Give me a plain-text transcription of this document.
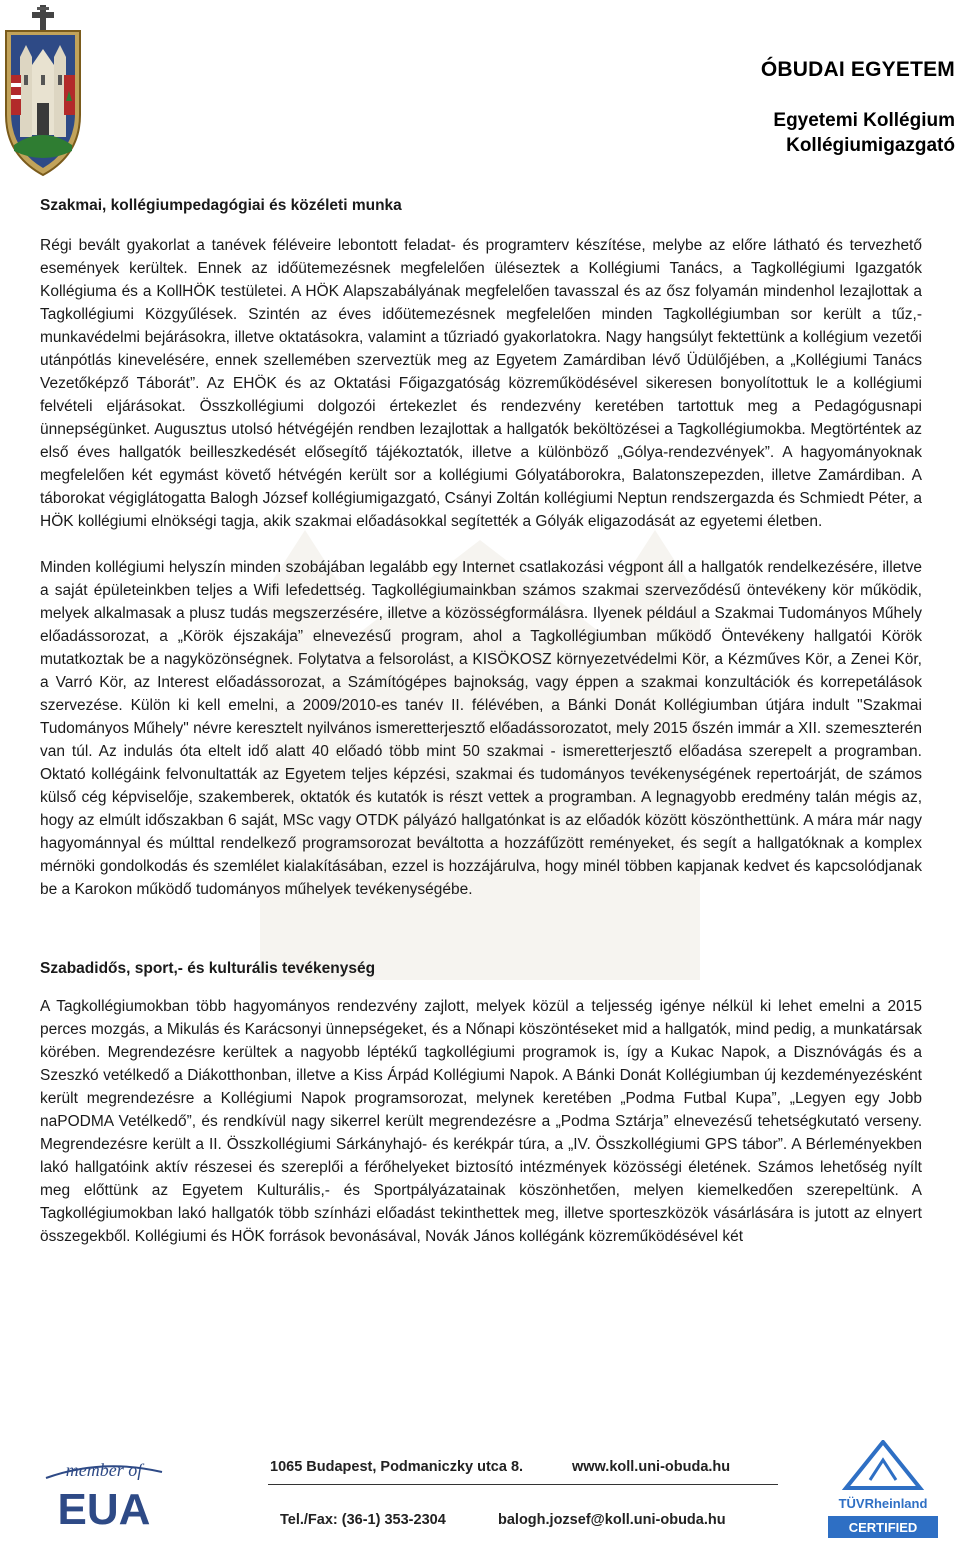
ÓBUDAI EGYETEM
Egyetemi Kollégium
Kollégiumigazgató
Szakmai, kollégiumpedagógiai és közéleti munka

Régi bevált gyakorlat a tanévek féléveire lebontott feladat- és programterv készítése, melybe az előre látható és tervezhető események kerültek. Ennek az időütemezésnek megfelelően üléseztek a Kollégiumi Tanács, a Tagkollégiumi Igazgatók Kollégiuma és a KollHÖK testületei. A HÖK Alapszabályának megfelelően tavasszal és az ősz folyamán mindenhol lezajlottak a Tagkollégiumi Közgyűlések. Szintén az éves időütemezésnek megfelelően minden Tagkollégiumban sor került a tűz,- munkavédelmi bejárásokra, illetve oktatásokra, valamint a tűzriadó gyakorlatokra. Nagy hangsúlyt fektettünk a kollégium vezetői utánpótlás kinevelésére, ennek szellemében szerveztük meg az Egyetem Zamárdiban lévő Üdülőjében, a „Kollégiumi Tanács Vezetőképző Táborát”. Az EHÖK és az Oktatási Főigazgatóság közreműködésével sikeresen bonyolítottuk le a kollégiumi felvételi eljárásokat. Összkollégiumi dolgozói értekezlet és rendezvény keretében tartottuk meg a Pedagógusnapi ünnepségünket. Augusztus utolsó hétvégéjén rendben lezajlottak a hallgatók beköltözései a Tagkollégiumokba. Megtörténtek az első éves hallgatók beilleszkedését elősegítő tájékoztatók, illetve a különböző „Gólya-rendezvények”. A hagyományoknak megfelelően két egymást követő hétvégén került sor a kollégiumi Gólyatáborokra, Balatonszepezden, illetve Zamárdiban. A táborokat végiglátogatta Balogh József kollégiumigazgató, Csányi Zoltán kollégiumi Neptun rendszergazda és Schmiedt Péter, a HÖK kollégiumi elnökségi tagja, akik szakmai előadásokkal segítették a Gólyák eligazodását az egyetemi életben.

Minden kollégiumi helyszín minden szobájában legalább egy Internet csatlakozási végpont áll a hallgatók rendelkezésére, illetve a saját épületeinkben teljes a Wifi lefedettség. Tagkollégiumainkban számos szakmai szerveződésű öntevékeny kör működik, melyek alkalmasak a plusz tudás megszerzésére, illetve a közösségformálásra. Ilyenek például a Szakmai Tudományos Műhely előadássorozat, a „Körök éjszakája” elnevezésű program, ahol a Tagkollégiumban működő Öntevékeny hallgatói Körök mutatkoztak be a nagyközönségnek. Folytatva a felsorolást, a KISÖKOSZ környezetvédelmi Kör, a Kézműves Kör, a Zenei Kör, a Varró Kör, az Interest előadássorozat, a Számítógépes bajnokság, vagy éppen a szakmai konzultációk és korrepetálások szervezése. Külön ki kell emelni, a 2009/2010-es tanév II. félévében, a Bánki Donát Kollégiumban útjára indult "Szakmai Tudományos Műhely" névre keresztelt nyilvános ismeretterjesztő előadássorozatot, mely 2015 őszén immár a XII. szemeszterén van túl. Az indulás óta eltelt idő alatt 40 előadó több mint 50 szakmai - ismeretterjesztő előadása szerepelt a programban. Oktató kollégáink felvonultatták az Egyetem teljes képzési, szakmai és tudományos tevékenységének repertoárját, de számos külső cég képviselője, szakemberek, oktatók és kutatók is részt vettek a programban. A legnagyobb eredmény talán mégis az, hogy az elmúlt időszakban 6 saját, MSc vagy OTDK pályázó hallgatónkat is az előadók között köszönthettünk. A mára már nagy hagyománnyal és múlttal rendelkező programsorozat beváltotta a hozzáfűzött reményeket, és segít a hallgatóknak a komplex mérnöki gondolkodás és szemlélet kialakításában, ezzel is hozzájárulva, hogy minél többen kapjanak kedvet és kapcsolódjanak be a Karokon működő tudományos műhelyek tevékenységébe.

Szabadidős, sport,- és kulturális tevékenység

A Tagkollégiumokban több hagyományos rendezvény zajlott, melyek közül a teljesség igénye nélkül ki lehet emelni a 2015 perces mozgás, a Mikulás és Karácsonyi ünnepségeket, és a Nőnapi köszöntéseket mid a hallgatók, mind pedig, a munkatársak körében. Megrendezésre kerültek a nagyobb léptékű tagkollégiumi programok is, így a Kukac Napok, a Disznóvágás és a Szeszkó vetélkedő a Diákotthonban, illetve a Kiss Árpád Kollégiumi Napok. A Bánki Donát Kollégiumban új kezdeményezésként került megrendezésre a Kollégiumi Napok programsorozat, melynek keretében „Podma Futbal Kupa”, „Legyen egy Jobb naPODMA Vetélkedő”, és rendkívül nagy sikerrel került megrendezésre a „Podma Sztárja” elnevezésű tehetségkutató verseny. Megrendezésre került a II. Összkollégiumi Sárkányhajó- és kerékpár túra, a „IV. Összkollégiumi GPS tábor”. A Bérleményekben lakó hallgatóink aktív részesei és szereplői a férőhelyeket biztosító intézmények közösségi életének. Számos lehetőség nyílt meg előttünk az Egyetem Kulturális,- és Sportpályázatainak köszönhetően, melyen kiemelkedően szerepeltünk. A Tagkollégiumokban lakó hallgatók több színházi előadást tekinthettek meg, illetve sporteszközök vásárlására is jutott az elnyert összegekből. Kollégiumi és HÖK források bevonásával, Novák János kollégánk közreműködésével két

member of
EUA
1065 Budapest, Podmaniczky utca 8.	www.koll.uni-obuda.hu
Tel./Fax: (36-1) 353-2304	balogh.jozsef@koll.uni-obuda.hu
TÜVRheinland
CERTIFIED
